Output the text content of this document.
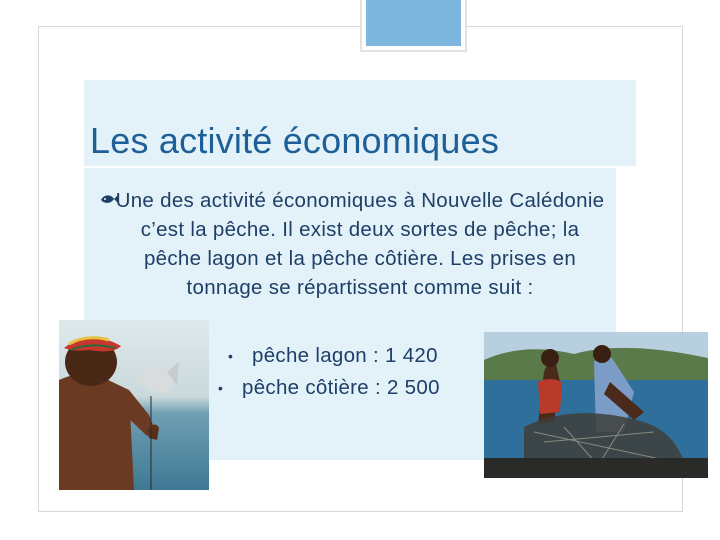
Les activité économiques

Une des activité économiques à Nouvelle Calédonie c’est la pêche. Il exist deux sortes de pêche; la pêche lagon et la pêche côtière. Les prises en tonnage se répartissent comme suit :

• pêche lagon : 1 420
• pêche côtière : 2 500
